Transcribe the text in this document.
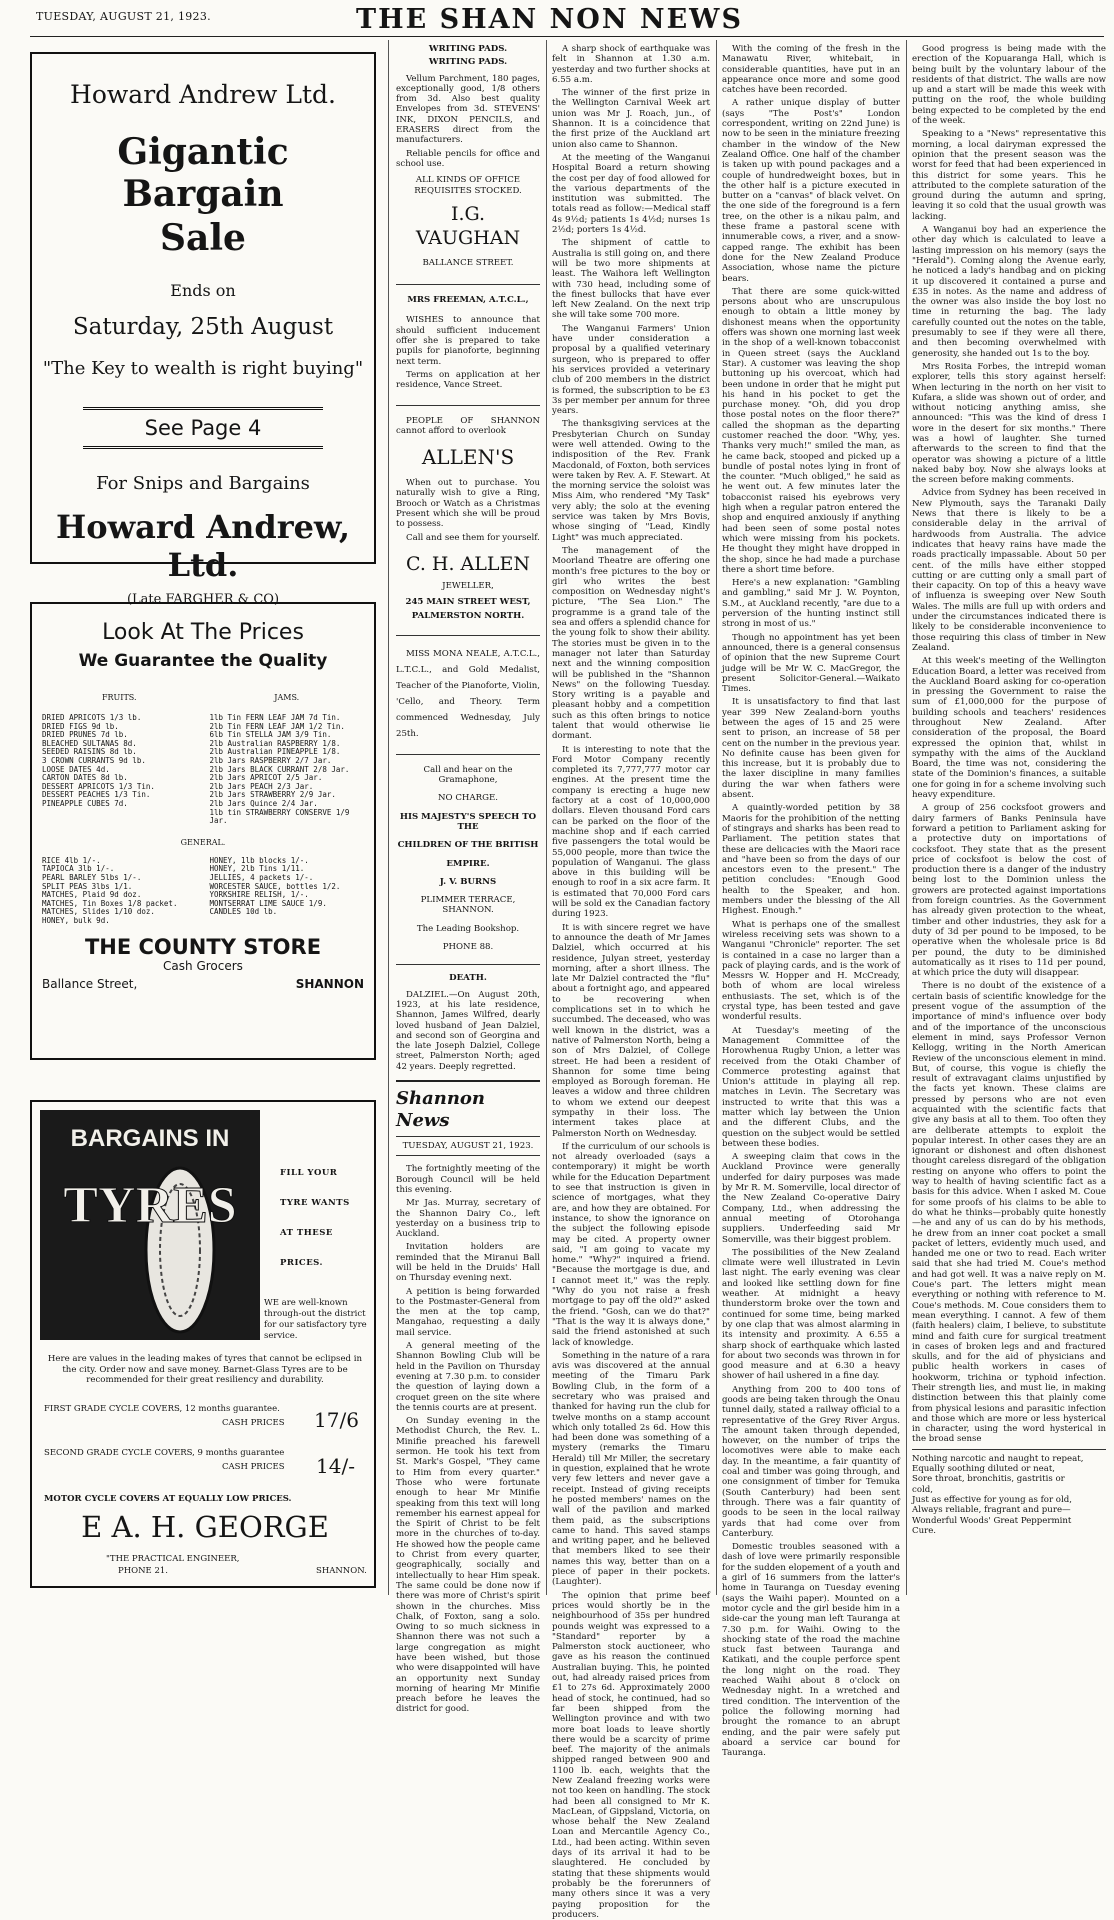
TUESDAY, AUGUST 21, 1923.	THE SHAN NON NEWS
Howard Andrew Ltd.
Gigantic Bargain
Sale
Ends on
Saturday, 25th August
"The Key to wealth is right buying"
See Page 4
For Snips and Bargains
Howard Andrew, Ltd.
(Late FARGHER & CO)
Look At The Prices
We Guarantee the Quality
FRUITS.	JAMS.
DRIED APRICOTS 1/3 lb.
DRIED FIGS 9d lb.
DRIED PRUNES 7d lb.
BLEACHED SULTANAS 8d.
SEEDED RAISINS 8d lb.
3 CROWN CURRANTS 9d lb.
LOOSE DATES 4d.
CARTON DATES 8d lb.
DESSERT APRICOTS 1/3 Tin.
DESSERT PEACHES 1/3 Tin.
PINEAPPLE CUBES 7d.
1lb Tin FERN LEAF JAM 7d Tin.
2lb Tin FERN LEAF JAM 1/2 Tin.
6lb Tin STELLA JAM 3/9 Tin.
2lb Australian RASPBERRY 1/8.
2lb Australian PINEAPPLE 1/8.
2lb Jars RASPBERRY 2/7 Jar.
2lb Jars BLACK CURRANT 2/8 Jar.
2lb Jars APRICOT 2/5 Jar.
2lb Jars PEACH 2/3 Jar.
2lb Jars STRAWBERRY 2/9 Jar.
2lb Jars Quince 2/4 Jar.
1lb tin STRAWBERRY CONSERVE 1/9 Jar.
GENERAL.
RICE 4lb 1/-.
TAPIOCA 3lb 1/-.
PEARL BARLEY 5lbs 1/-.
SPLIT PEAS 3lbs 1/1.
MATCHES, Plaid 9d doz.
MATCHES, Tin Boxes 1/8 packet.
MATCHES, Slides 1/10 doz.
HONEY, bulk 9d.
HONEY, 1lb blocks 1/-.
HONEY, 2lb Tins 1/11.
JELLIES, 4 packets 1/-.
WORCESTER SAUCE, bottles 1/2.
YORKSHIRE RELISH, 1/-.
MONTSERRAT LIME SAUCE 1/9.
CANDLES 10d lb.
THE COUNTY STORE
Cash Grocers
Ballance Street,	SHANNON
BARGAINS IN
TYRES
FILL YOUR
TYRE WANTS
AT THESE
PRICES.
WE are well-known through-out the district for our satisfactory tyre service.
Here are values in the leading makes of tyres that cannot be eclipsed in the city. Order now and save money. Barnet-Glass Tyres are to be recommended for their great resiliency and durability.
FIRST GRADE CYCLE COVERS, 12 months guarantee.
CASH PRICES 17/6
SECOND GRADE CYCLE COVERS, 9 months guarantee
CASH PRICES 14/-
MOTOR CYCLE COVERS AT EQUALLY LOW PRICES.
E A. H. GEORGE
"THE PRACTICAL ENGINEER,
PHONE 21.	SHANNON.

WRITING PADS.

WRITING PADS.

Vellum Parchment, 180 pages, exceptionally good, 1/8 others from 3d. Also best quality Envelopes from 3d. STEVENS' INK, DIXON PENCILS, and ERASERS direct from the manufacturers.

Reliable pencils for office and school use.

ALL KINDS OF OFFICE REQUISITES STOCKED.

I.G. VAUGHAN

BALLANCE STREET.

MRS FREEMAN, A.T.C.L.,

WISHES to announce that should sufficient inducement offer she is prepared to take pupils for pianoforte, beginning next term.

Terms on application at her residence, Vance Street.

PEOPLE OF SHANNON cannot afford to overlook

ALLEN'S

When out to purchase. You naturally wish to give a Ring, Brooch or Watch as a Christmas Present which she will be proud to possess.

Call and see them for yourself.

C. H. ALLEN

JEWELLER,

245 MAIN STREET WEST,

PALMERSTON NORTH.

MISS MONA NEALE, A.T.C.L., L.T.C.L., and Gold Medalist, Teacher of the Pianoforte, Violin, 'Cello, and Theory. Term commenced Wednesday, July 25th.

Call and hear on the Gramaphone,

NO CHARGE.

HIS MAJESTY'S SPEECH TO THE

CHILDREN OF THE BRITISH

EMPIRE.

J. V. BURNS

PLIMMER TERRACE, SHANNON.

The Leading Bookshop.

PHONE 88.

DEATH.

DALZIEL.—On August 20th, 1923, at his late residence, Shannon, James Wilfred, dearly loved husband of Jean Dalziel, and second son of Georgina and the late Joseph Dalziel, College street, Palmerston North; aged 42 years. Deeply regretted.

Shannon News

TUESDAY, AUGUST 21, 1923.

The fortnightly meeting of the Borough Council will be held this evening.

Mr Jas. Murray, secretary of the Shannon Dairy Co., left yesterday on a business trip to Auckland.

Invitation holders are reminded that the Miranui Ball will be held in the Druids' Hall on Thursday evening next.

A petition is being forwarded to the Postmaster-General from the men at the top camp, Mangahao, requesting a daily mail service.

A general meeting of the Shannon Bowling Club will be held in the Pavilion on Thursday evening at 7.30 p.m. to consider the question of laying down a croquet green on the site where the tennis courts are at present.

On Sunday evening in the Methodist Church, the Rev. L. Minifie preached his farewell sermon. He took his text from St. Mark's Gospel, "They came to Him from every quarter." Those who were fortunate enough to hear Mr Minifie speaking from this text will long remember his earnest appeal for the Spirit of Christ to be felt more in the churches of to-day. He showed how the people came to Christ from every quarter, geographically, socially and intellectually to hear Him speak. The same could be done now if there was more of Christ's spirit shown in the churches. Miss Chalk, of Foxton, sang a solo. Owing to so much sickness in Shannon there was not such a large congregation as might have been wished, but those who were disappointed will have an opportunity next Sunday morning of hearing Mr Minifie preach before he leaves the district for good.

A sharp shock of earthquake was felt in Shannon at 1.30 a.m. yesterday and two further shocks at 6.55 a.m.

The winner of the first prize in the Wellington Carnival Week art union was Mr J. Roach, jun., of Shannon. It is a coincidence that the first prize of the Auckland art union also came to Shannon.

At the meeting of the Wanganui Hospital Board a return showing the cost per day of food allowed for the various departments of the institution was submitted. The totals read as follow:—Medical staff 4s 9½d; patients 1s 4½d; nurses 1s 2½d; porters 1s 4½d.

The shipment of cattle to Australia is still going on, and there will be two more shipments at least. The Waihora left Wellington with 730 head, including some of the finest bullocks that have ever left New Zealand. On the next trip she will take some 700 more.

The Wanganui Farmers' Union have under consideration a proposal by a qualified veterinary surgeon, who is prepared to offer his services provided a veterinary club of 200 members in the district is formed, the subscription to be £3 3s per member per annum for three years.

The thanksgiving services at the Presbyterian Church on Sunday were well attended. Owing to the indisposition of the Rev. Frank Macdonald, of Foxton, both services were taken by Rev. A. F. Stewart. At the morning service the soloist was Miss Aim, who rendered "My Task" very ably; the solo at the evening service was taken by Mrs Bovis, whose singing of "Lead, Kindly Light" was much appreciated.

The management of the Moorland Theatre are offering one month's free pictures to the boy or girl who writes the best composition on Wednesday night's picture, "The Sea Lion." The programme is a grand tale of the sea and offers a splendid chance for the young folk to show their ability. The stories must be given in to the manager not later than Saturday next and the winning composition will be published in the "Shannon News" on the following Tuesday. Story writing is a payable and pleasant hobby and a competition such as this often brings to notice talent that would otherwise lie dormant.

It is interesting to note that the Ford Motor Company recently completed its 7,777,777 motor car engines. At the present time the company is erecting a huge new factory at a cost of 10,000,000 dollars. Eleven thousand Ford cars can be parked on the floor of the machine shop and if each carried five passengers the total would be 55,000 people, more than twice the population of Wanganui. The glass above in this building will be enough to roof in a six acre farm. It is estimated that 70,000 Ford cars will be sold ex the Canadian factory during 1923.

It is with sincere regret we have to announce the death of Mr James Dalziel, which occurred at his residence, Julyan street, yesterday morning, after a short illness. The late Mr Dalziel contracted the "flu" about a fortnight ago, and appeared to be recovering when complications set in to which he succumbed. The deceased, who was well known in the district, was a native of Palmerston North, being a son of Mrs Dalziel, of College street. He had been a resident of Shannon for some time being employed as Borough foreman. He leaves a widow and three children to whom we extend our deepest sympathy in their loss. The interment takes place at Palmerston North on Wednesday.

If the curriculum of our schools is not already overloaded (says a contemporary) it might be worth while for the Education Department to see that instruction is given in science of mortgages, what they are, and how they are obtained. For instance, to show the ignorance on the subject the following episode may be cited. A property owner said, "I am going to vacate my home." "Why?" inquired a friend. "Because the mortgage is due, and I cannot meet it," was the reply. "Why do you not raise a fresh mortgage to pay off the old?" asked the friend. "Gosh, can we do that?" "That is the way it is always done," said the friend astonished at such lack of knowledge.

Something in the nature of a rara avis was discovered at the annual meeting of the Timaru Park Bowling Club, in the form of a secretary who was praised and thanked for having run the club for twelve months on a stamp account which only totalled 2s 6d. How this had been done was something of a mystery (remarks the Timaru Herald) till Mr Miller, the secretary in question, explained that he wrote very few letters and never gave a receipt. Instead of giving receipts he posted members' names on the wall of the pavilion and marked them paid, as the subscriptions came to hand. This saved stamps and writing paper, and he believed that members liked to see their names this way, better than on a piece of paper in their pockets. (Laughter).

The opinion that prime beef prices would shortly be in the neighbourhood of 35s per hundred pounds weight was expressed to a "Standard" reporter by a Palmerston stock auctioneer, who gave as his reason the continued Australian buying. This, he pointed out, had already raised prices from £1 to 27s 6d. Approximately 2000 head of stock, he continued, had so far been shipped from the Wellington province and with two more boat loads to leave shortly there would be a scarcity of prime beef. The majority of the animals shipped ranged between 900 and 1100 lb. each, weights that the New Zealand freezing works were not too keen on handling. The stock had been all consigned to Mr K. MacLean, of Gippsland, Victoria, on whose behalf the New Zealand Loan and Mercantile Agency Co., Ltd., had been acting. Within seven days of its arrival it had to be slaughtered. He concluded by stating that these shipments would probably be the forerunners of many others since it was a very paying proposition for the producers.

With the coming of the fresh in the Manawatu River, whitebait, in considerable quantities, have put in an appearance once more and some good catches have been recorded.

A rather unique display of butter (says "The Post's" London correspondent, writing on 22nd June) is now to be seen in the miniature freezing chamber in the window of the New Zealand Office. One half of the chamber is taken up with pound packages and a couple of hundredweight boxes, but in the other half is a picture executed in butter on a "canvas" of black velvet. On the one side of the foreground is a fern tree, on the other is a nikau palm, and these frame a pastoral scene with innumerable cows, a river, and a snow-capped range. The exhibit has been done for the New Zealand Produce Association, whose name the picture bears.

That there are some quick-witted persons about who are unscrupulous enough to obtain a little money by dishonest means when the opportunity offers was shown one morning last week in the shop of a well-known tobacconist in Queen street (says the Auckland Star). A customer was leaving the shop buttoning up his overcoat, which had been undone in order that he might put his hand in his pocket to get the purchase money. "Oh, did you drop those postal notes on the floor there?" called the shopman as the departing customer reached the door. "Why, yes. Thanks very much!" smiled the man, as he came back, stooped and picked up a bundle of postal notes lying in front of the counter. "Much obliged," he said as he went out. A few minutes later the tobacconist raised his eyebrows very high when a regular patron entered the shop and enquired anxiously if anything had been seen of some postal notes which were missing from his pockets. He thought they might have dropped in the shop, since he had made a purchase there a short time before.

Here's a new explanation: "Gambling and gambling," said Mr J. W. Poynton, S.M., at Auckland recently, "are due to a perversion of the hunting instinct still strong in most of us."

Though no appointment has yet been announced, there is a general consensus of opinion that the new Supreme Court judge will be Mr W. C. MacGregor, the present Solicitor-General.—Waikato Times.

It is unsatisfactory to find that last year 399 New Zealand-born youths between the ages of 15 and 25 were sent to prison, an increase of 58 per cent on the number in the previous year. No definite cause has been given for this increase, but it is probably due to the laxer discipline in many families during the war when fathers were absent.

A quaintly-worded petition by 38 Maoris for the prohibition of the netting of stingrays and sharks has been read to Parliament. The petition states that these are delicacies with the Maori race and "have been so from the days of our ancestors even to the present." The petition concludes: "Enough Good health to the Speaker, and hon. members under the blessing of the All Highest. Enough."

What is perhaps one of the smallest wireless receiving sets was shown to a Wanganui "Chronicle" reporter. The set is contained in a case no larger than a pack of playing cards, and is the work of Messrs W. Hopper and H. McCready, both of whom are local wireless enthusiasts. The set, which is of the crystal type, has been tested and gave wonderful results.

At Tuesday's meeting of the Management Committee of the Horowhenua Rugby Union, a letter was received from the Otaki Chamber of Commerce protesting against that Union's attitude in playing all rep. matches in Levin. The Secretary was instructed to write that this was a matter which lay between the Union and the different Clubs, and the question on the subject would be settled between these bodies.

A sweeping claim that cows in the Auckland Province were generally underfed for dairy purposes was made by Mr R. M. Somerville, local director of the New Zealand Co-operative Dairy Company, Ltd., when addressing the annual meeting of Otorohanga suppliers. Underfeeding said Mr Somerville, was their biggest problem.

The possibilities of the New Zealand climate were well illustrated in Levin last night. The early evening was clear and looked like settling down for fine weather. At midnight a heavy thunderstorm broke over the town and continued for some time, being marked by one clap that was almost alarming in its intensity and proximity. A 6.55 a sharp shock of earthquake which lasted for about two seconds was thrown in for good measure and at 6.30 a heavy shower of hail ushered in a fine day.

Anything from 200 to 400 tons of goods are being taken through the Onau tunnel daily, stated a railway official to a representative of the Grey River Argus. The amount taken through depended, however, on the number of trips the locomotives were able to make each day. In the meantime, a fair quantity of coal and timber was going through, and one consignment of timber for Temuka (South Canterbury) had been sent through. There was a fair quantity of goods to be seen in the local railway yards that had come over from Canterbury.

Domestic troubles seasoned with a dash of love were primarily responsible for the sudden elopement of a youth and a girl of 16 summers from the latter's home in Tauranga on Tuesday evening (says the Waihi paper). Mounted on a motor cycle and the girl beside him in a side-car the young man left Tauranga at 7.30 p.m. for Waihi. Owing to the shocking state of the road the machine stuck fast between Tauranga and Katikati, and the couple perforce spent the long night on the road. They reached Waihi about 8 o'clock on Wednesday night. In a wretched and tired condition. The intervention of the police the following morning had brought the romance to an abrupt ending, and the pair were safely put aboard a service car bound for Tauranga.

Good progress is being made with the erection of the Kopuaranga Hall, which is being built by the voluntary labour of the residents of that district. The walls are now up and a start will be made this week with putting on the roof, the whole building being expected to be completed by the end of the week.

Speaking to a "News" representative this morning, a local dairyman expressed the opinion that the present season was the worst for feed that had been experienced in this district for some years. This he attributed to the complete saturation of the ground during the autumn and spring, leaving it so cold that the usual growth was lacking.

A Wanganui boy had an experience the other day which is calculated to leave a lasting impression on his memory (says the "Herald"). Coming along the Avenue early, he noticed a lady's handbag and on picking it up discovered it contained a purse and £35 in notes. As the name and address of the owner was also inside the boy lost no time in returning the bag. The lady carefully counted out the notes on the table, presumably to see if they were all there, and then becoming overwhelmed with generosity, she handed out 1s to the boy.

Mrs Rosita Forbes, the intrepid woman explorer, tells this story against herself: When lecturing in the north on her visit to Kufara, a slide was shown out of order, and without noticing anything amiss, she announced: "This was the kind of dress I wore in the desert for six months." There was a howl of laughter. She turned afterwards to the screen to find that the operator was showing a picture of a little naked baby boy. Now she always looks at the screen before making comments.

Advice from Sydney has been received in New Plymouth, says the Taranaki Daily News that there is likely to be a considerable delay in the arrival of hardwoods from Australia. The advice indicates that heavy rains have made the roads practically impassable. About 50 per cent. of the mills have either stopped cutting or are cutting only a small part of their capacity. On top of this a heavy wave of influenza is sweeping over New South Wales. The mills are full up with orders and under the circumstances indicated there is likely to be considerable inconvenience to those requiring this class of timber in New Zealand.

At this week's meeting of the Wellington Education Board, a letter was received from the Auckland Board asking for co-operation in pressing the Government to raise the sum of £1,000,000 for the purpose of building schools and teachers' residences throughout New Zealand. After consideration of the proposal, the Board expressed the opinion that, whilst in sympathy with the aims of the Auckland Board, the time was not, considering the state of the Dominion's finances, a suitable one for going in for a scheme involving such heavy expenditure.

A group of 256 cocksfoot growers and dairy farmers of Banks Peninsula have forward a petition to Parliament asking for a protective duty on importations of cocksfoot. They state that as the present price of cocksfoot is below the cost of production there is a danger of the industry being lost to the Dominion unless the growers are protected against importations from foreign countries. As the Government has already given protection to the wheat, timber and other industries, they ask for a duty of 3d per pound to be imposed, to be operative when the wholesale price is 8d per pound, the duty to be diminished automatically as it rises to 11d per pound, at which price the duty will disappear.

There is no doubt of the existence of a certain basis of scientific knowledge for the present vogue of the assumption of the importance of mind's influence over body and of the importance of the unconscious element in mind, says Professor Vernon Kellogg, writing in the North American Review of the unconscious element in mind. But, of course, this vogue is chiefly the result of extravagant claims unjustified by the facts yet known. These claims are pressed by persons who are not even acquainted with the scientific facts that give any basis at all to them. Too often they are deliberate attempts to exploit the popular interest. In other cases they are an ignorant or dishonest and often dishonest thought careless disregard of the obligation resting on anyone who offers to point the way to health of having scientific fact as a basis for this advice. When I asked M. Coue for some proofs of his claims to be able to do what he thinks—probably quite honestly—he and any of us can do by his methods, he drew from an inner coat pocket a small packet of letters, evidently much used, and handed me one or two to read. Each writer said that she had tried M. Coue's method and had got well. It was a naive reply on M. Coue's part. The letters might mean everything or nothing with reference to M. Coue's methods. M. Coue considers them to mean everything. I cannot. A few of them (faith healers) claim, I believe, to substitute mind and faith cure for surgical treatment in cases of broken legs and and fractured skulls, and for the aid of physicians and public health workers in cases of hookworm, trichina or typhoid infection. Their strength lies, and must lie, in making distinction between this that plainly come from physical lesions and parasitic infection and those which are more or less hysterical in character, using the word hysterical in the broad sense

Nothing narcotic and naught to repeat,

Equally soothing diluted or neat,

Sore throat, bronchitis, gastritis or

cold,

Just as effective for young as for old,

Always reliable, fragrant and pure—

Wonderful Woods' Great Peppermint

Cure.
